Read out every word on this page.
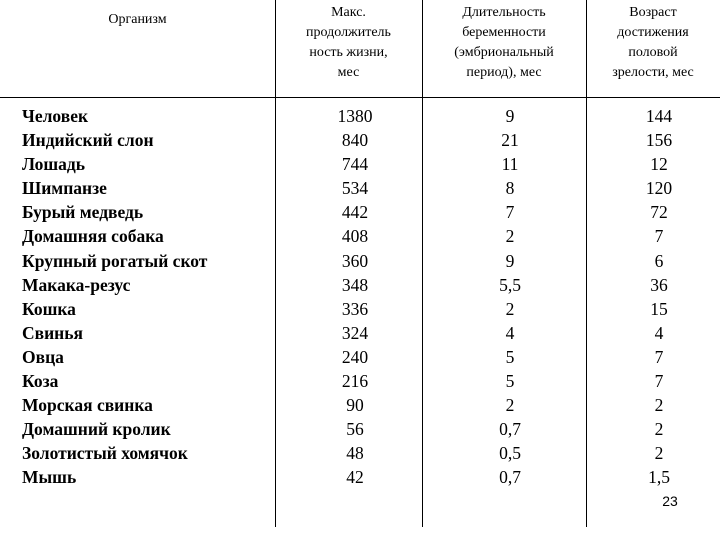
Организм	Макс.
продолжитель
ность жизни,
мес
Длительность
беременности
(эмбриональный
период), мес
Возраст
достижения
половой
зрелости, мес
Человек
Индийский слон
Лошадь
Шимпанзе
Бурый медведь
Домашняя собака
Крупный рогатый скот
Макака-резус
Кошка
Свинья
Овца
Коза
Морская свинка
Домашний кролик
Золотистый хомячок
Мышь
1380
840
744
534
442
408
360
348
336
324
240
216
90
56
48
42
9
21
11
8
7
2
9
5,5
2
4
5
5
2
0,7
0,5
0,7
144
156
12
120
72
7
6
36
15
4
7
7
2
2
2
1,5
23
